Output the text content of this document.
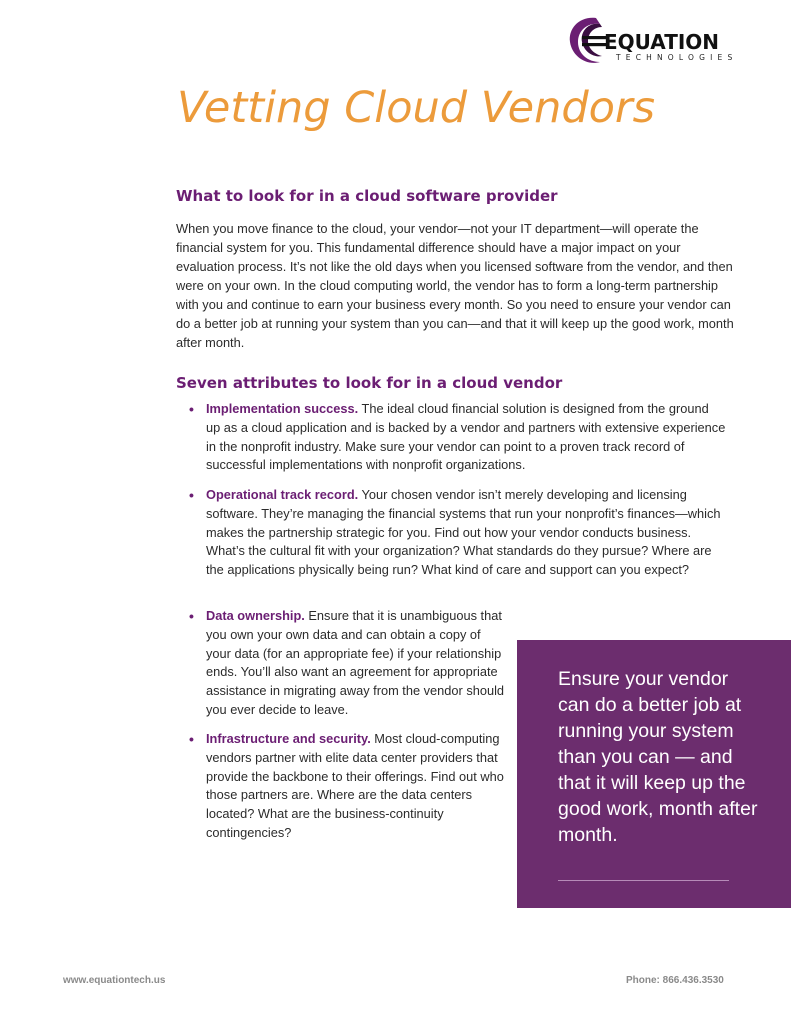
EQUATION
TECHNOLOGIES
Vetting Cloud Vendors
What to look for in a cloud software provider

When you move finance to the cloud, your vendor—not your IT department—will operate the financial system for you. This fundamental difference should have a major impact on your evaluation process. It’s not like the old days when you licensed software from the vendor, and then were on your own. In the cloud computing world, the vendor has to form a long-term partnership with you and continue to earn your business every month. So you need to ensure your vendor can do a better job at running your system than you can—and that it will keep up the good work, month after month.

Seven attributes to look for in a cloud vendor
• Implementation success. The ideal cloud financial solution is designed from the ground up as a cloud application and is backed by a vendor and partners with extensive experience in the nonprofit industry. Make sure your vendor can point to a proven track record of successful implementations with nonprofit organizations.
• Operational track record. Your chosen vendor isn’t merely developing and licensing software. They’re managing the financial systems that run your nonprofit’s finances—which makes the partnership strategic for you. Find out how your vendor conducts business. What’s the cultural fit with your organization? What standards do they pursue? Where are the applications physically being run? What kind of care and support can you expect?
• Data ownership. Ensure that it is unambiguous that you own your own data and can obtain a copy of your data (for an appropriate fee) if your relationship ends. You’ll also want an agreement for appropriate assistance in migrating away from the vendor should you ever decide to leave.
• Infrastructure and security. Most cloud-computing vendors partner with elite data center providers that provide the backbone to their offerings. Find out who those partners are. Where are the data centers located? What are the business-continuity contingencies?

Ensure your vendor can do a better job at running your system than you can — and that it will keep up the good work, month after month.

www.equationtech.us	Phone: 866.436.3530
